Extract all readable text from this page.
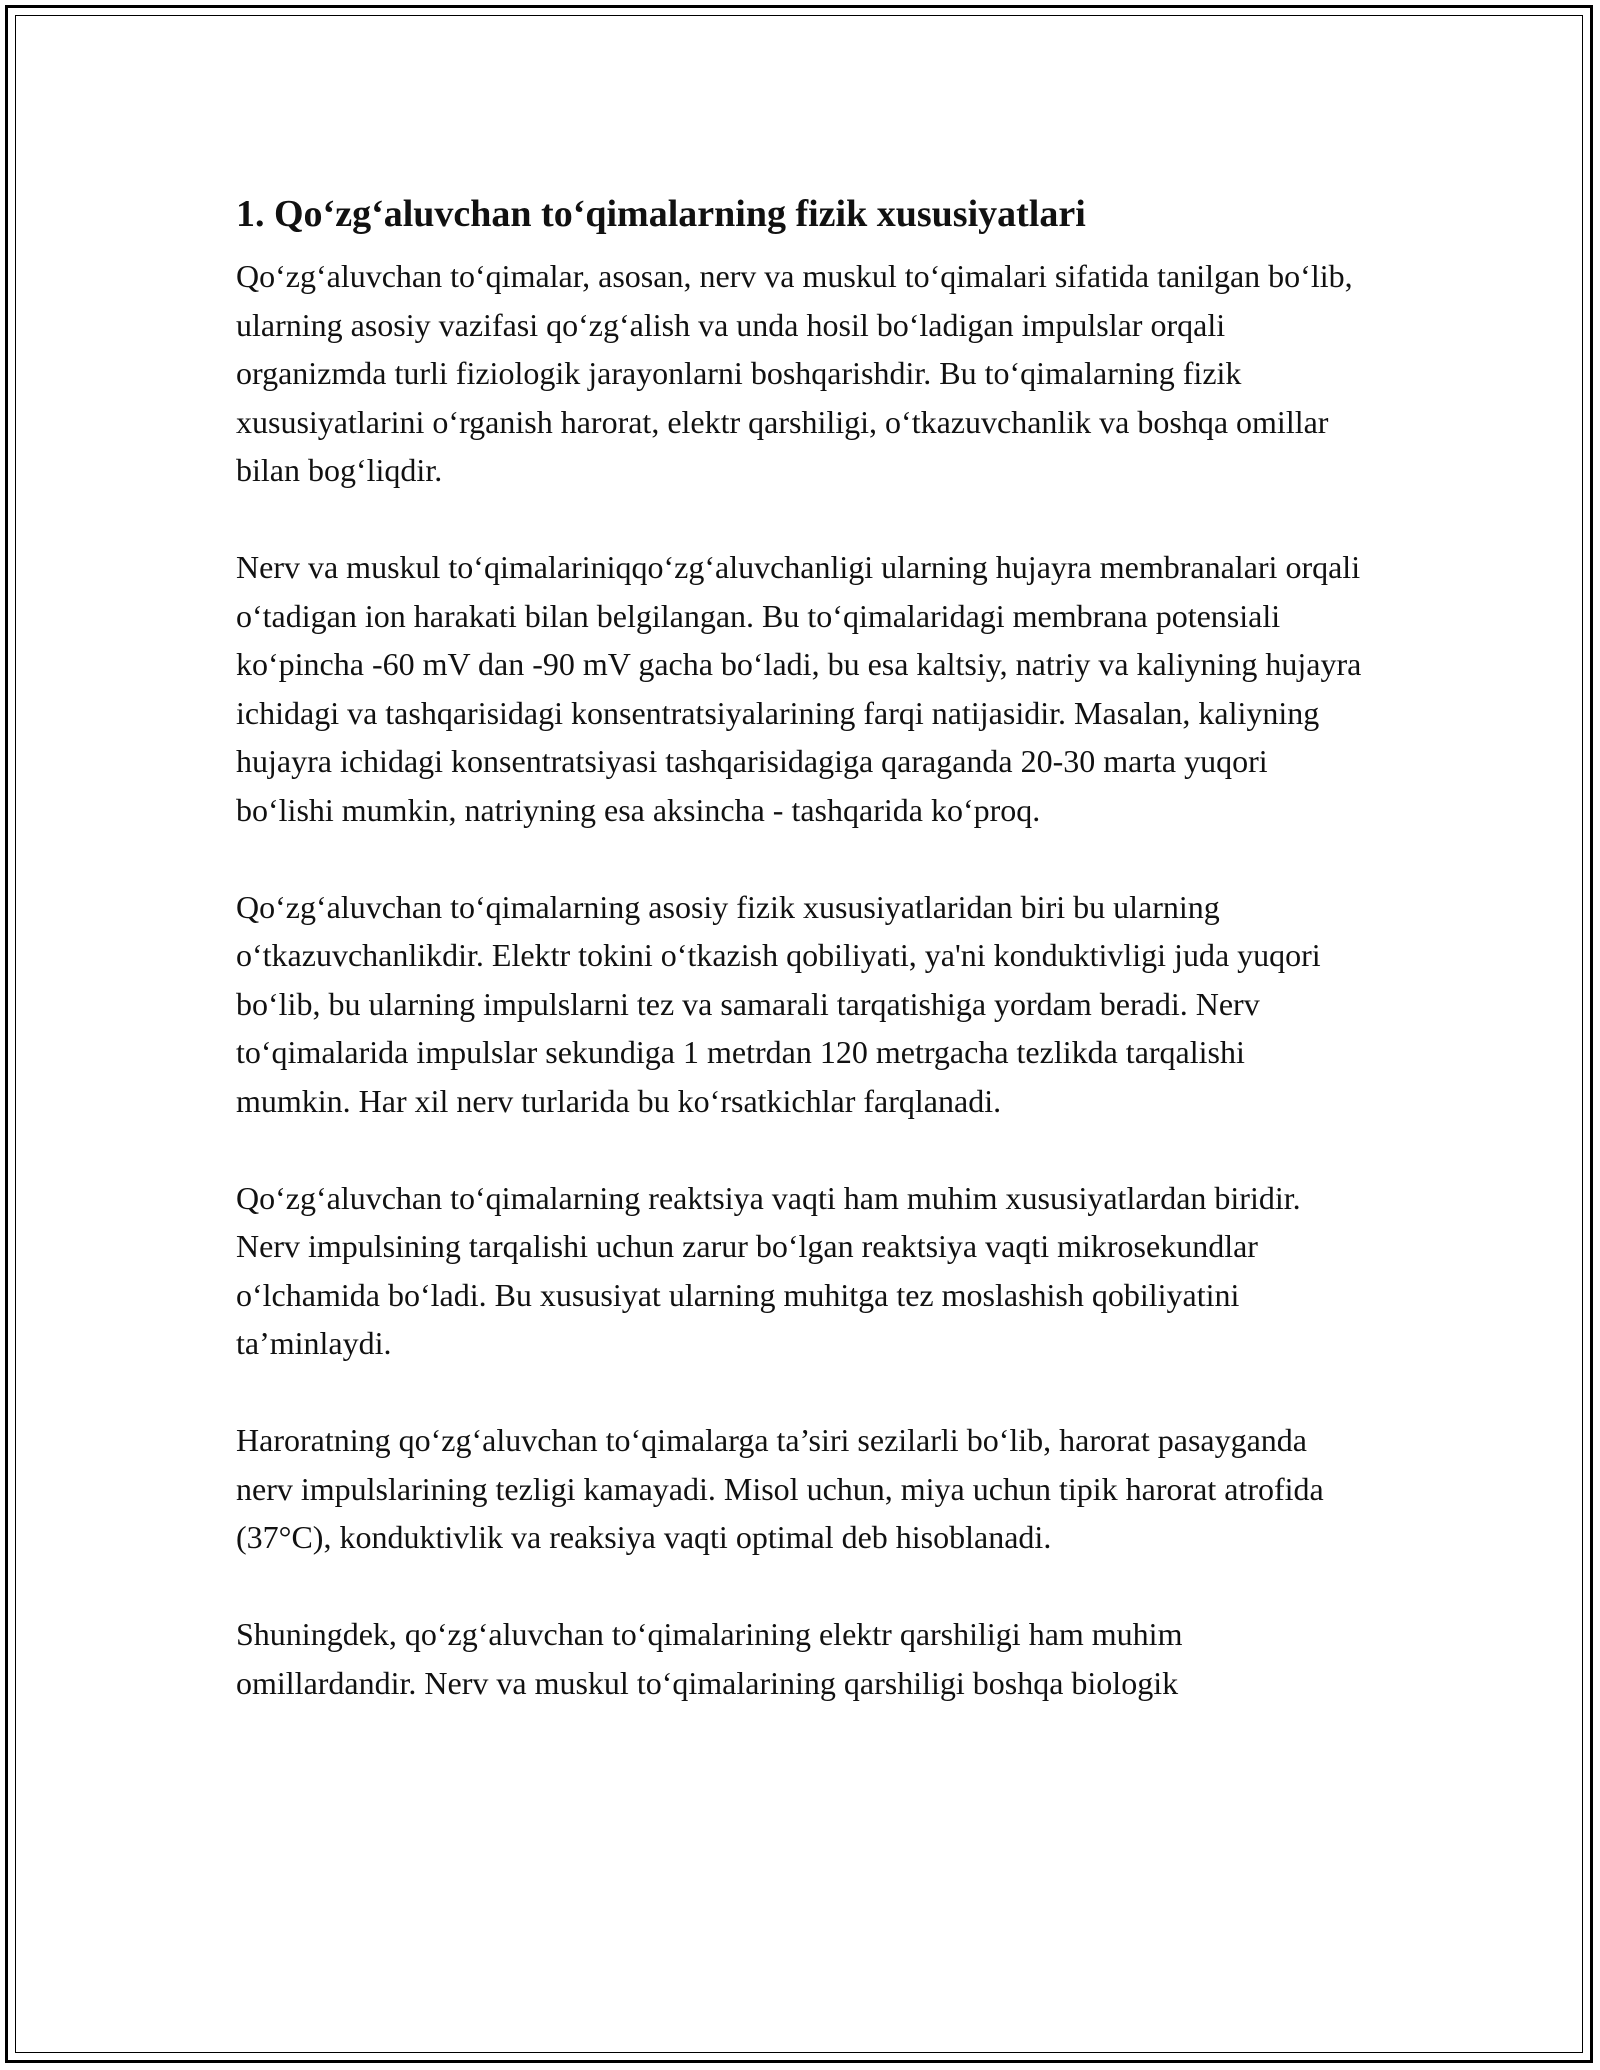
1. Qo‘zg‘aluvchan to‘qimalarning fizik xususiyatlari

Qo‘zg‘aluvchan to‘qimalar, asosan, nerv va muskul to‘qimalari sifatida tanilgan bo‘lib, ularning asosiy vazifasi qo‘zg‘alish va unda hosil bo‘ladigan impulslar orqali organizmda turli fiziologik jarayonlarni boshqarishdir. Bu to‘qimalarning fizik xususiyatlarini o‘rganish harorat, elektr qarshiligi, o‘tkazuvchanlik va boshqa omillar bilan bog‘liqdir.

Nerv va muskul to‘qimalariniqqo‘zg‘aluvchanligi ularning hujayra membranalari orqali o‘tadigan ion harakati bilan belgilangan. Bu to‘qimalaridagi membrana potensiali ko‘pincha -60 mV dan -90 mV gacha bo‘ladi, bu esa kaltsiy, natriy va kaliyning hujayra ichidagi va tashqarisidagi konsentratsiyalarining farqi natijasidir. Masalan, kaliyning hujayra ichidagi konsentratsiyasi tashqarisidagiga qaraganda 20-30 marta yuqori bo‘lishi mumkin, natriyning esa aksincha - tashqarida ko‘proq.

Qo‘zg‘aluvchan to‘qimalarning asosiy fizik xususiyatlaridan biri bu ularning o‘tkazuvchanlikdir. Elektr tokini o‘tkazish qobiliyati, ya'ni konduktivligi juda yuqori bo‘lib, bu ularning impulslarni tez va samarali tarqatishiga yordam beradi. Nerv to‘qimalarida impulslar sekundiga 1 metrdan 120 metrgacha tezlikda tarqalishi mumkin. Har xil nerv turlarida bu ko‘rsatkichlar farqlanadi.

Qo‘zg‘aluvchan to‘qimalarning reaktsiya vaqti ham muhim xususiyatlardan biridir. Nerv impulsining tarqalishi uchun zarur bo‘lgan reaktsiya vaqti mikrosekundlar o‘lchamida bo‘ladi. Bu xususiyat ularning muhitga tez moslashish qobiliyatini ta’minlaydi.

Haroratning qo‘zg‘aluvchan to‘qimalarga ta’siri sezilarli bo‘lib, harorat pasayganda nerv impulslarining tezligi kamayadi. Misol uchun, miya uchun tipik harorat atrofida (37°C), konduktivlik va reaksiya vaqti optimal deb hisoblanadi.

Shuningdek, qo‘zg‘aluvchan to‘qimalarining elektr qarshiligi ham muhim omillardandir. Nerv va muskul to‘qimalarining qarshiligi boshqa biologik
